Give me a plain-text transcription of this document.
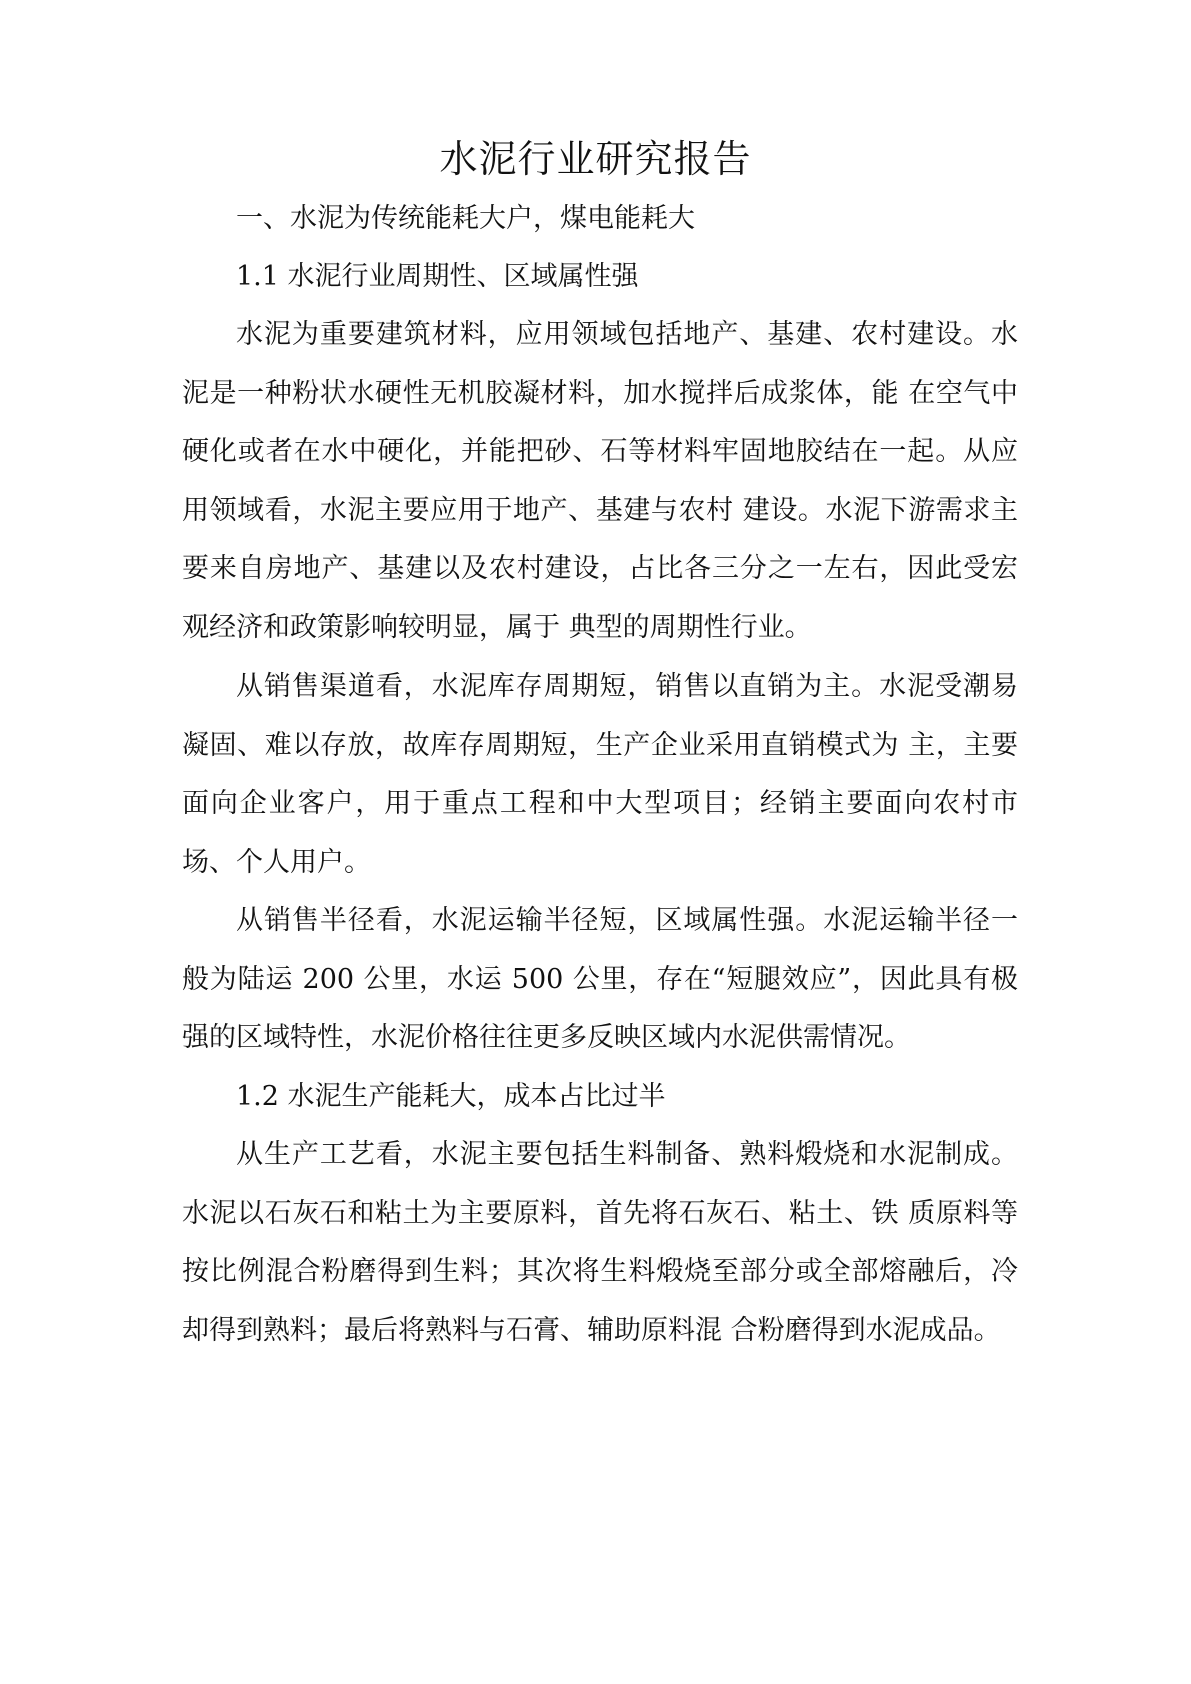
水泥行业研究报告
一、水泥为传统能耗大户，煤电能耗大
1.1 水泥行业周期性、区域属性强

水泥为重要建筑材料，应用领域包括地产、基建、农村建设。水泥是一种粉状水硬性无机胶凝材料，加水搅拌后成浆体，能 在空气中硬化或者在水中硬化，并能把砂、石等材料牢固地胶结在一起。从应用领域看，水泥主要应用于地产、基建与农村 建设。水泥下游需求主要来自房地产、基建以及农村建设，占比各三分之一左右，因此受宏观经济和政策影响较明显，属于 典型的周期性行业。

从销售渠道看，水泥库存周期短，销售以直销为主。水泥受潮易凝固、难以存放，故库存周期短，生产企业采用直销模式为 主，主要面向企业客户，用于重点工程和中大型项目；经销主要面向农村市场、个人用户。

从销售半径看，水泥运输半径短，区域属性强。水泥运输半径一般为陆运 200 公里，水运 500 公里，存在“短腿效应”，因此具有极强的区域特性，水泥价格往往更多反映区域内水泥供需情况。

1.2 水泥生产能耗大，成本占比过半

从生产工艺看，水泥主要包括生料制备、熟料煅烧和水泥制成。水泥以石灰石和粘土为主要原料，首先将石灰石、粘土、铁 质原料等按比例混合粉磨得到生料；其次将生料煅烧至部分或全部熔融后，冷却得到熟料；最后将熟料与石膏、辅助原料混 合粉磨得到水泥成品。
